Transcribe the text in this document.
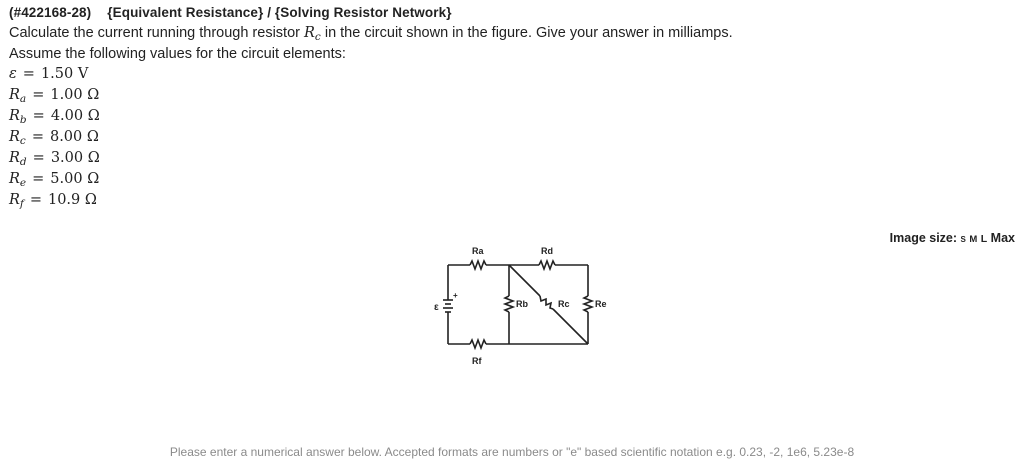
(#422168-28) {Equivalent Resistance} / {Solving Resistor Network}
Calculate the current running through resistor $R_c$ in the circuit shown in the figure. Give your answer in milliamps.
Assume the following values for the circuit elements:
ε = 1.50 V
$R_a = 1.00$ Ω
$R_b = 4.00$ Ω
$R_c = 8.00$ Ω
$R_d = 3.00$ Ω
$R_e = 5.00$ Ω
$R_f = 10.9$ Ω
Image size: S M L Max
ε
+
Ra	Rd
Rb	Rc	Re
Rf
Please enter a numerical answer below. Accepted formats are numbers or "e" based scientific notation e.g. 0.23, -2, 1e6, 5.23e-8
